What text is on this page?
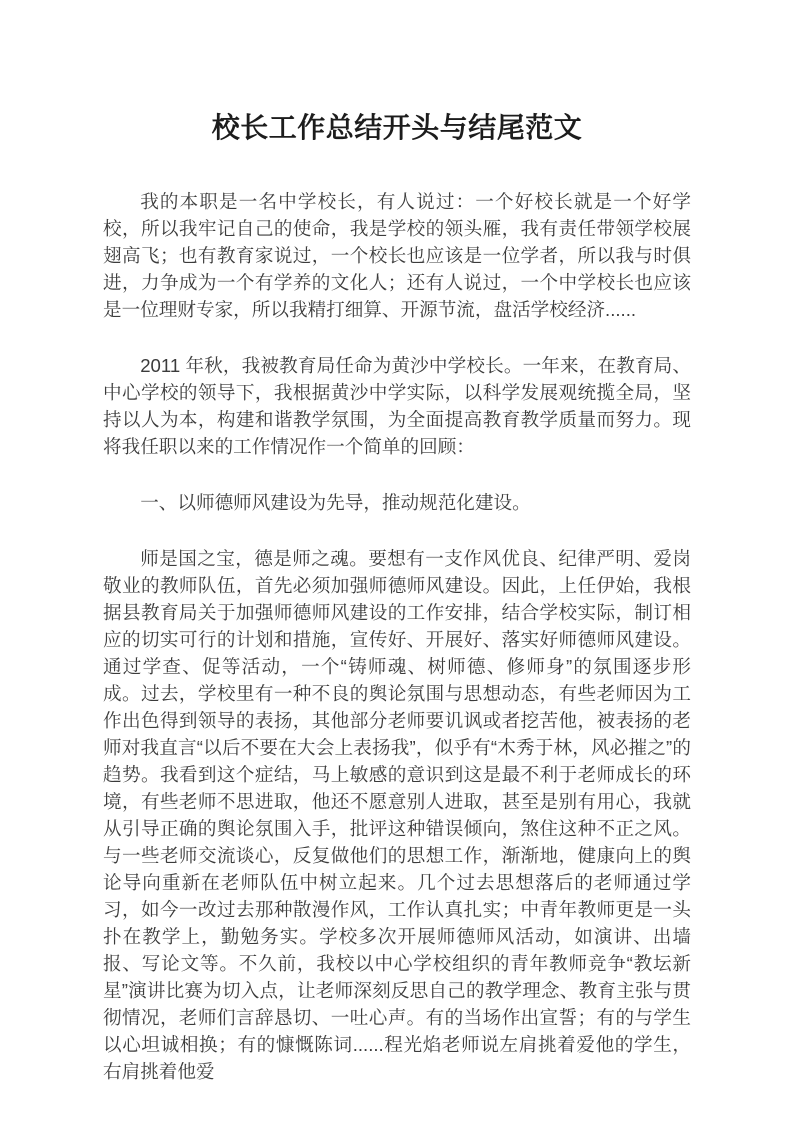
校长工作总结开头与结尾范文

我的本职是一名中学校长，有人说过：一个好校长就是一个好学校，所以我牢记自己的使命，我是学校的领头雁，我有责任带领学校展翅高飞；也有教育家说过，一个校长也应该是一位学者，所以我与时俱进，力争成为一个有学养的文化人；还有人说过，一个中学校长也应该是一位理财专家，所以我精打细算、开源节流，盘活学校经济......

2011 年秋，我被教育局任命为黄沙中学校长。一年来，在教育局、中心学校的领导下，我根据黄沙中学实际，以科学发展观统揽全局，坚持以人为本，构建和谐教学氛围，为全面提高教育教学质量而努力。现将我任职以来的工作情况作一个简单的回顾：

一、以师德师风建设为先导，推动规范化建设。

师是国之宝，德是师之魂。要想有一支作风优良、纪律严明、爱岗敬业的教师队伍，首先必须加强师德师风建设。因此，上任伊始，我根据县教育局关于加强师德师风建设的工作安排，结合学校实际，制订相应的切实可行的计划和措施，宣传好、开展好、落实好师德师风建设。通过学查、促等活动，一个“铸师魂、树师德、修师身”的氛围逐步形成。过去，学校里有一种不良的舆论氛围与思想动态，有些老师因为工作出色得到领导的表扬，其他部分老师要讥讽或者挖苦他，被表扬的老师对我直言“以后不要在大会上表扬我”，似乎有“木秀于林，风必摧之”的趋势。我看到这个症结，马上敏感的意识到这是最不利于老师成长的环境，有些老师不思进取，他还不愿意别人进取，甚至是别有用心，我就从引导正确的舆论氛围入手，批评这种错误倾向，煞住这种不正之风。与一些老师交流谈心，反复做他们的思想工作，渐渐地，健康向上的舆论导向重新在老师队伍中树立起来。几个过去思想落后的老师通过学习，如今一改过去那种散漫作风，工作认真扎实；中青年教师更是一头扑在教学上，勤勉务实。学校多次开展师德师风活动，如演讲、出墙报、写论文等。不久前，我校以中心学校组织的青年教师竞争“教坛新星”演讲比赛为切入点，让老师深刻反思自己的教学理念、教育主张与贯彻情况，老师们言辞恳切、一吐心声。有的当场作出宣誓；有的与学生以心坦诚相换；有的慷慨陈词......程光焰老师说左肩挑着爱他的学生，右肩挑着他爱
